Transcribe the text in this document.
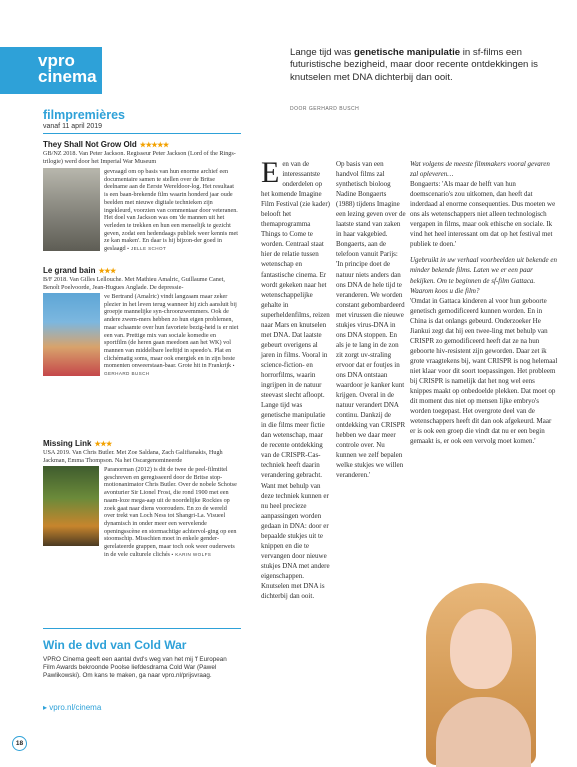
vpro
cinema
filmpremières
vanaf 11 april 2019
They Shall Not Grow Old ★★★★★
GB/NZ 2018. Van Peter Jackson. Regisseur Peter Jackson (Lord of the Rings-trilogie) werd door het Imperial War Museum
gevraagd om op basis van hun enorme archief een documentaire samen te stellen over de Britse deelname aan de Eerste Wereldoor-log. Het resultaat is een baan-brekende film waarin honderd jaar oude beelden met nieuwe digitale technieken zijn ingekleurd, voorzien van commentaar door veteranen. Het doel van Jackson was om 'de mannen uit het verleden te trekken en hun een menselijk te gezicht geven, zodat een hedendaags publiek weer kennis met ze kan maken'. En daar is hij bijzon-der goed in geslaagd • JELLE SCHOT
Le grand bain ★★★
B/F 2018. Van Gilles Lellouche. Met Mathieu Amalric, Guillaume Canet, Benoît Poelvoorde, Jean-Hugues Anglade. De depressie-
ve Bertrand (Amalric) vindt langzaam maar zeker plezier in het leven terug wanneer hij zich aansluit bij groepje mannelijke syn-chroonzwemmers. Ook de andere zwem-mers hebben zo hun eigen problemen, maar schaamte over hun favoriete bezig-heid is er niet een van. Prettige mix van sociale komedie en sportfilm (de heren gaan meedoen aan het WK) vol mannen van middelbare leeftijd in speedo's. Plat en clichématig soms, maar ook energiek en in zijn beste momenten onweerstaan-baar. Grote hit in Frankrijk • GERHARD BUSCH
Missing Link ★★★
USA 2019. Van Chris Butler. Met Zoe Saldana, Zach Galifianakis, Hugh Jackman, Emma Thompson. Na het Oscargenomineerde
Paranorman (2012) is dit de twee de peel-filmtitel geschreven en geregisseerd door de Britse stop-motionanimator Chris Butler. Over de nobele Schotse avonturier Sir Lionel Frost, die rond 1900 met een naam-loze mega-aap uit de noordelijke Rockies op zoek gaat naar diens voorouders. En zo de wereld over trekt van Loch Ness tot Shangri-La. Visueel dynamisch in onder meer een wervelende openingsscène en stormachtige achtervol-ging op een stoomschip. Misschien moet in enkele gender-gerelateerde grappen, maar toch ook weer ouderwets in de vele culturele clichés • KARIN WOLFS
Win de dvd van Cold War
VPRO Cinema geeft een aantal dvd's weg van het mij 'f European Film Awards bekroonde Poolse liefdesdrama Cold War (Pawel Pawlikowski). Om kans te maken, ga naar vpro.nl/prijsvraag.
▸ vpro.nl/cinema
18
Lange tijd was genetische manipulatie in sf-films een futuristische bezigheid, maar door recente ontdekkingen is knutselen met DNA dichterbij dan ooit.
DOOR GERHARD BUSCH
Een van de interessantste onderdelen op het komende Imagine Film Festival (zie kader) belooft het themaprogramma Things to Come te worden. Centraal staat hier de relatie tussen wetenschap en fantastische cinema. Er wordt gekeken naar het wetenschappelijke gehalte in superheldenfilms, reizen naar Mars en knutselen met DNA. Dat laatste gebeurt overigens al jaren in films. Vooral in science-fiction- en horrorfilms, waarin ingrijpen in de natuur steevast slecht afloopt. Lange tijd was genetische manipulatie in die films meer fictie dan wetenschap, maar de recente ontdekking van de CRISPR-Cas-techniek heeft daarin verandering gebracht. Want met behulp van deze techniek kunnen er nu heel precieze aanpassingen worden gedaan in DNA: door er bepaalde stukjes uit te knippen en die te vervangen door nieuwe stukjes DNA met andere eigenschappen. Knutselen met DNA is dichterbij dan ooit.
Op basis van een handvol films zal synthetisch bioloog Nadine Bongaerts (1988) tijdens Imagine een lezing geven over de laatste stand van zaken in haar vakgebied. Bongaerts, aan de telefoon vanuit Parijs: 'In principe doet de natuur niets anders dan ons DNA de hele tijd te veranderen. We worden constant gebombardeerd met virussen die nieuwe stukjes virus-DNA in ons DNA stoppen. En als je te lang in de zon zit zorgt uv-straling ervoor dat er foutjes in ons DNA ontstaan waardoor je kanker kunt krijgen. Overal in de natuur verandert DNA continu. Dankzij de ontdekking van CRISPR hebben we daar meer controle over. Nu kunnen we zelf bepalen welke stukjes we willen veranderen.'

Wat volgens de meeste filmmakers vooral gevaren zal opleveren…

Bongaerts: 'Als maar de helft van hun doemscenario's zou uitkomen, dan heeft dat inderdaad al enorme consequenties. Dus moeten we ons als wetenschappers niet alleen technologisch vergapen in films, maar ook ethische en sociale. Ik vind het heel interessant om dat op het festival met publiek te doen.'

Ugebruikt in uw verhaal voorbeelden uit bekende en minder bekende films. Laten we er een paar bekijken. Om te beginnen de sf-film Gattaca. Waarom koos u die film?

'Omdat in Gattaca kinderen al voor hun geboorte genetisch gemodificeerd kunnen worden. En in China is dat onlangs gebeurd. Onderzoeker He Jiankui zegt dat hij een twee-ling met behulp van CRISPR zo gemodificeerd heeft dat ze na hun geboorte hiv-resistent zijn geworden. Daar zet ik grote vraagtekens bij, want CRISPR is nog helemaal niet klaar voor dit soort toepassingen. Het probleem bij CRISPR is namelijk dat het nog wel eens knippes maakt op onbedoelde plekken. Dat moet op dit moment dus niet op mensen lijke embryo's worden toegepast. Het overgrote deel van de wetenschappers heeft dit dan ook afgekeurd. Maar er is ook een groep die vindt dat nu er een begin gemaakt is, er ook een vervolg moet komen.'
